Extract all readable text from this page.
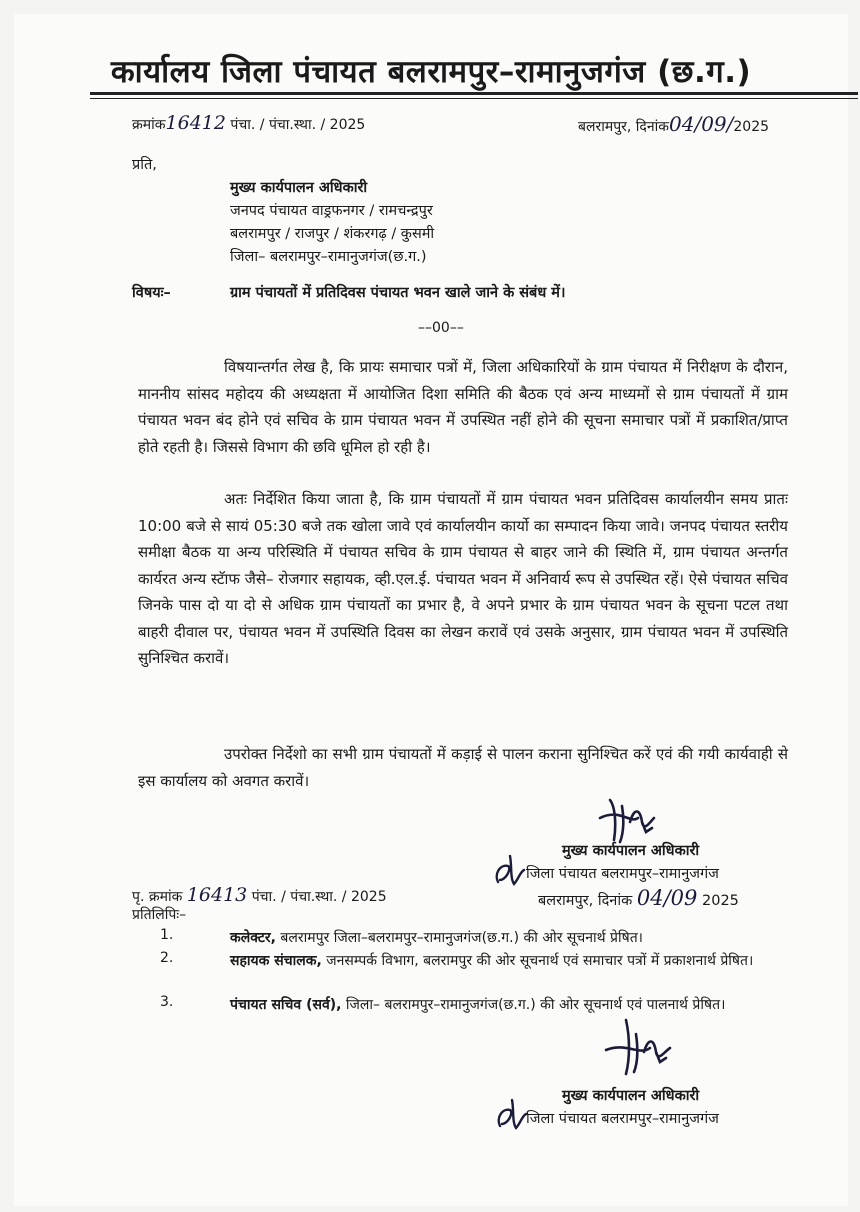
कार्यालय जिला पंचायत बलरामपुर–रामानुजगंज (छ.ग.)
क्रमांक16412 पंचा. / पंचा.स्था. / 2025	बलरामपुर, दिनांक04/09/2025
प्रति,
मुख्य कार्यपालन अधिकारी
जनपद पंचायत वाड्रफनगर / रामचन्द्रपुर
बलरामपुर / राजपुर / शंकरगढ़ / कुसमी
जिला– बलरामपुर–रामानुजगंज(छ.ग.)
विषयः–	ग्राम पंचायतों में प्रतिदिवस पंचायत भवन खाले जाने के संबंध में।
––00––
विषयान्तर्गत लेख है, कि प्रायः समाचार पत्रों में, जिला अधिकारियों के ग्राम पंचायत में निरीक्षण के दौरान, माननीय सांसद महोदय की अध्यक्षता में आयोजित दिशा समिति की बैठक एवं अन्य माध्यमों से ग्राम पंचायतों में ग्राम पंचायत भवन बंद होने एवं सचिव के ग्राम पंचायत भवन में उपस्थित नहीं होने की सूचना समाचार पत्रों में प्रकाशित/प्राप्त होते रहती है। जिससे विभाग की छवि धूमिल हो रही है।
अतः निर्देशित किया जाता है, कि ग्राम पंचायतों में ग्राम पंचायत भवन प्रतिदिवस कार्यालयीन समय प्रातः 10:00 बजे से सायं 05:30 बजे तक खोला जावे एवं कार्यालयीन कार्यो का सम्पादन किया जावे। जनपद पंचायत स्तरीय समीक्षा बैठक या अन्य परिस्थिति में पंचायत सचिव के ग्राम पंचायत से बाहर जाने की स्थिति में, ग्राम पंचायत अन्तर्गत कार्यरत अन्य स्टॅाफ जैसे– रोजगार सहायक, व्ही.एल.ई. पंचायत भवन में अनिवार्य रूप से उपस्थित रहें। ऐसे पंचायत सचिव जिनके पास दो या दो से अधिक ग्राम पंचायतों का प्रभार है, वे अपने प्रभार के ग्राम पंचायत भवन के सूचना पटल तथा बाहरी दीवाल पर, पंचायत भवन में उपस्थिति दिवस का लेखन करावें एवं उसके अनुसार, ग्राम पंचायत भवन में उपस्थिति सुनिश्चित करावें।
उपरोक्त निर्देशो का सभी ग्राम पंचायतों में कड़ाई से पालन कराना सुनिश्चित करें एवं की गयी कार्यवाही से इस कार्यालय को अवगत करावें।
मुख्य कार्यपालन अधिकारी
जिला पंचायत बलरामपुर–रामानुजगंज
बलरामपुर, दिनांक 04/09 2025
पृ. क्रमांक 16413 पंचा. / पंचा.स्था. / 2025
प्रतिलिपिः–
1.	कलेक्टर, बलरामपुर जिला–बलरामपुर–रामानुजगंज(छ.ग.) की ओर सूचनार्थ प्रेषित।
2.	सहायक संचालक, जनसम्पर्क विभाग, बलरामपुर की ओर सूचनार्थ एवं समाचार पत्रों में प्रकाशनार्थ प्रेषित।
3.	पंचायत सचिव (सर्व), जिला– बलरामपुर–रामानुजगंज(छ.ग.) की ओर सूचनार्थ एवं पालनार्थ प्रेषित।
मुख्य कार्यपालन अधिकारी
जिला पंचायत बलरामपुर–रामानुजगंज
